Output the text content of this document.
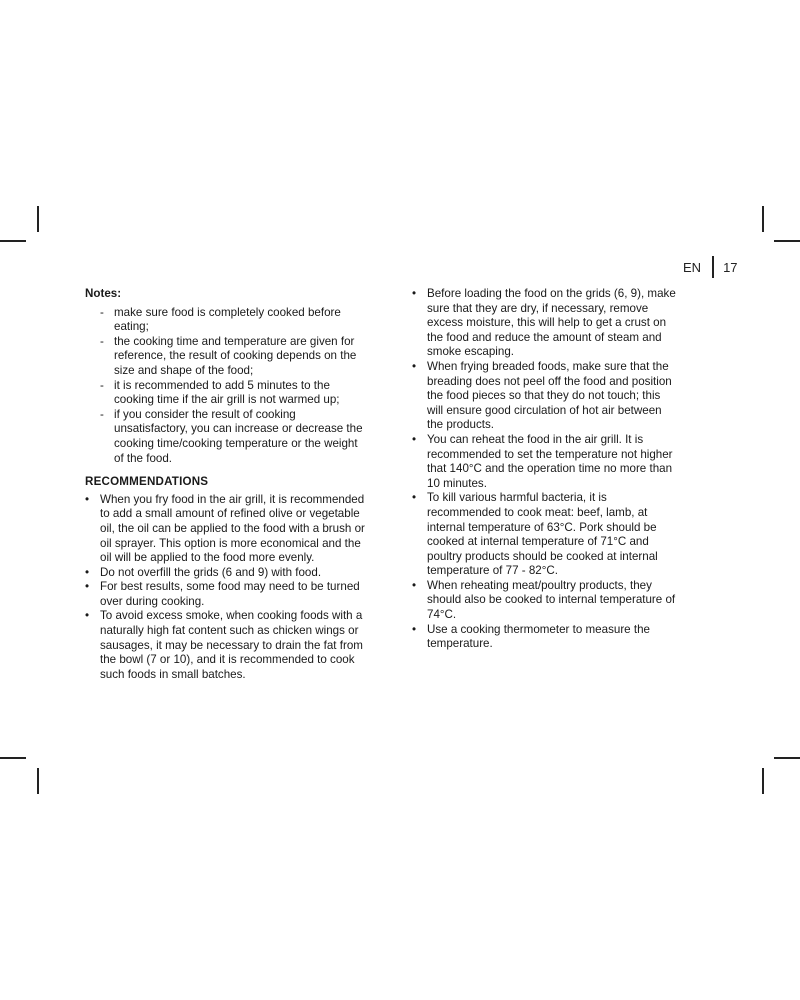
EN 17
Notes:
- make sure food is completely cooked before eating;
- the cooking time and temperature are given for reference, the result of cooking depends on the size and shape of the food;
- it is recommended to add 5 minutes to the cooking time if the air grill is not warmed up;
- if you consider the result of cooking unsatisfactory, you can increase or decrease the cooking time/cooking temperature or the weight of the food.
RECOMMENDATIONS
• When you fry food in the air grill, it is recommended to add a small amount of refined olive or vegetable oil, the oil can be applied to the food with a brush or oil sprayer. This option is more economical and the oil will be applied to the food more evenly.
• Do not overfill the grids (6 and 9) with food.
• For best results, some food may need to be turned over during cooking.
• To avoid excess smoke, when cooking foods with a naturally high fat content such as chicken wings or sausages, it may be necessary to drain the fat from the bowl (7 or 10), and it is recommended to cook such foods in small batches.
• Before loading the food on the grids (6, 9), make sure that they are dry, if necessary, remove excess moisture, this will help to get a crust on the food and reduce the amount of steam and smoke escaping.
• When frying breaded foods, make sure that the breading does not peel off the food and position the food pieces so that they do not touch; this will ensure good circulation of hot air between the products.
• You can reheat the food in the air grill. It is recommended to set the temperature not higher that 140°C and the operation time no more than 10 minutes.
• To kill various harmful bacteria, it is recommended to cook meat: beef, lamb, at internal temperature of 63°C. Pork should be cooked at internal temperature of 71°C and poultry products should be cooked at internal temperature of 77 - 82°C.
• When reheating meat/poultry products, they should also be cooked to internal temperature of 74°C.
• Use a cooking thermometer to measure the temperature.
